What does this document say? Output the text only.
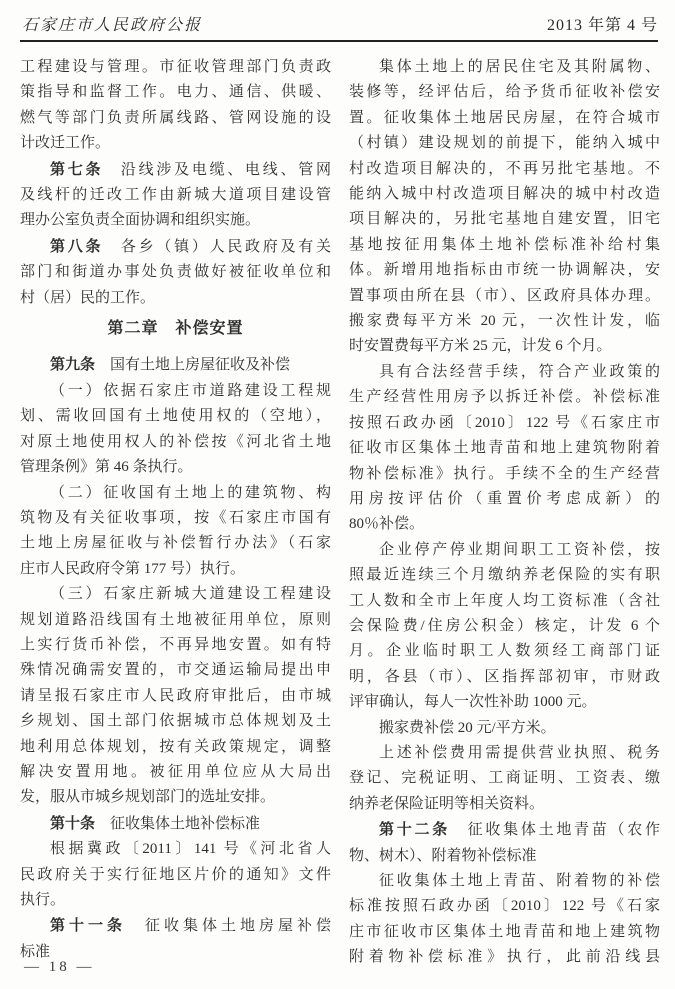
石家庄市人民政府公报	2013 年第 4 号
工程建设与管理。市征收管理部门负责政
策指导和监督工作。电力、通信、供暖、
燃气等部门负责所属线路、管网设施的设
计改迁工作。
第七条　沿线涉及电缆、电线、管网
及线杆的迁改工作由新城大道项目建设管
理办公室负责全面协调和组织实施。
第八条　各乡（镇）人民政府及有关
部门和街道办事处负责做好被征收单位和
村（居）民的工作。
第二章　补偿安置
第九条　国有土地上房屋征收及补偿
（一）依据石家庄市道路建设工程规
划、需收回国有土地使用权的（空地），
对原土地使用权人的补偿按《河北省土地
管理条例》第 46 条执行。
（二）征收国有土地上的建筑物、构
筑物及有关征收事项，按《石家庄市国有
土地上房屋征收与补偿暂行办法》（石家
庄市人民政府令第 177 号）执行。
（三）石家庄新城大道建设工程建设
规划道路沿线国有土地被征用单位，原则
上实行货币补偿，不再异地安置。如有特
殊情况确需安置的，市交通运输局提出申
请呈报石家庄市人民政府审批后，由市城
乡规划、国土部门依据城市总体规划及土
地利用总体规划，按有关政策规定，调整
解决安置用地。被征用单位应从大局出
发，服从市城乡规划部门的选址安排。
第十条　征收集体土地补偿标准
根据冀政〔2011〕141 号《河北省人
民政府关于实行征地区片价的通知》文件
执行。
第十一条　征收集体土地房屋补偿
标准
集体土地上的居民住宅及其附属物、
装修等，经评估后，给予货币征收补偿安
置。征收集体土地居民房屋，在符合城市
（村镇）建设规划的前提下，能纳入城中
村改造项目解决的，不再另批宅基地。不
能纳入城中村改造项目解决的城中村改造
项目解决的，另批宅基地自建安置，旧宅
基地按征用集体土地补偿标准补给村集
体。新增用地指标由市统一协调解决，安
置事项由所在县（市）、区政府具体办理。
搬家费每平方米 20 元，一次性计发，临
时安置费每平方米 25 元，计发 6 个月。
具有合法经营手续，符合产业政策的
生产经营性用房予以拆迁补偿。补偿标准
按照石政办函〔2010〕122 号《石家庄市
征收市区集体土地青苗和地上建筑物附着
物补偿标准》执行。手续不全的生产经营
用房按评估价（重置价考虑成新）的
80％补偿。
企业停产停业期间职工工资补偿，按
照最近连续三个月缴纳养老保险的实有职
工人数和全市上年度人均工资标准（含社
会保险费/住房公积金）核定，计发 6 个
月。企业临时职工人数须经工商部门证
明，各县（市）、区指挥部初审，市财政
评审确认，每人一次性补助 1000 元。
搬家费补偿 20 元/平方米。
上述补偿费用需提供营业执照、税务
登记、完税证明、工商证明、工资表、缴
纳养老保险证明等相关资料。
第十二条　征收集体土地青苗（农作
物、树木）、附着物补偿标准
征收集体土地上青苗、附着物的补偿
标准按照石政办函〔2010〕122 号《石家
庄市征收市区集体土地青苗和地上建筑物
附着物补偿标准》执行，此前沿线县
— 18 —
